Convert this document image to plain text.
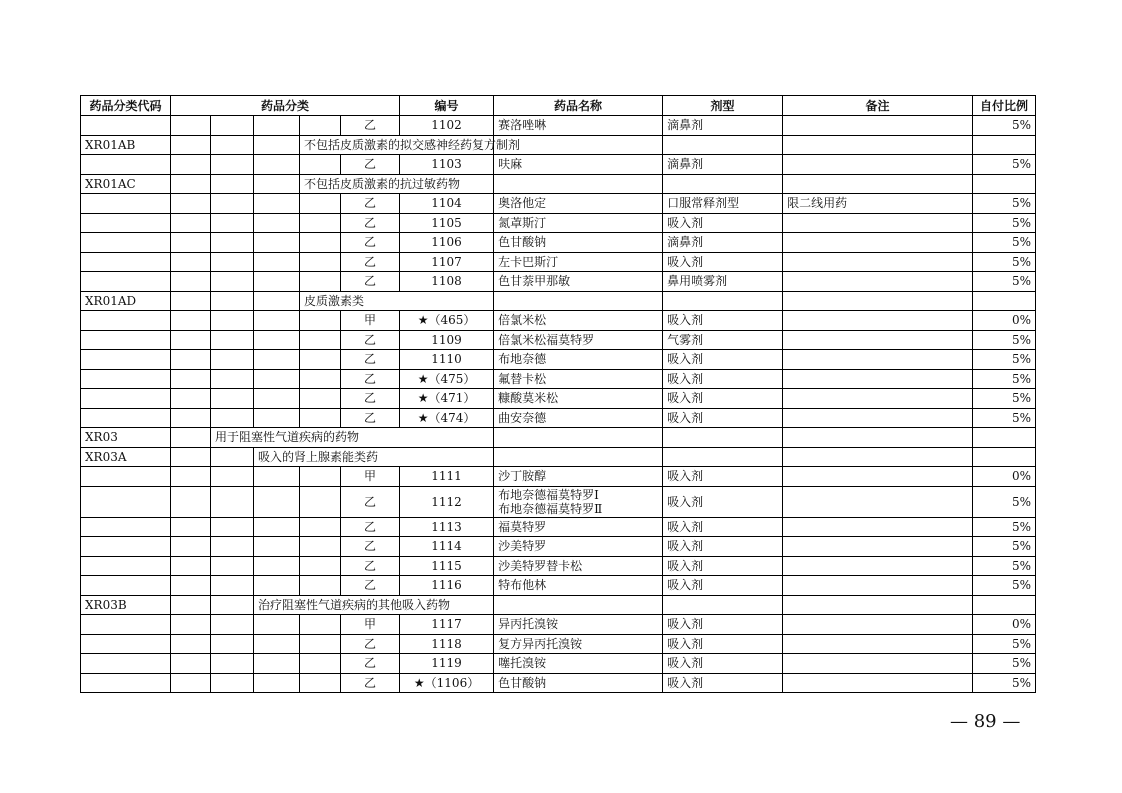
药品分类代码	药品分类					编号	药品名称	剂型	备注	自付比例
					乙	1102	赛洛唑啉	滴鼻剂		5%
XR01AB				不包括皮质激素的拟交感神经药复方制剂						
					乙	1103	呋麻	滴鼻剂		5%
XR01AC				不包括皮质激素的抗过敏药物						
					乙	1104	奥洛他定	口服常释剂型	限二线用药	5%
					乙	1105	氮䓬斯汀	吸入剂		5%
					乙	1106	色甘酸钠	滴鼻剂		5%
					乙	1107	左卡巴斯汀	吸入剂		5%
					乙	1108	色甘萘甲那敏	鼻用喷雾剂		5%
XR01AD				皮质激素类						
					甲	★（465）	倍氯米松	吸入剂		0%
					乙	1109	倍氯米松福莫特罗	气雾剂		5%
					乙	1110	布地奈德	吸入剂		5%
					乙	★（475）	氟替卡松	吸入剂		5%
					乙	★（471）	糠酸莫米松	吸入剂		5%
					乙	★（474）	曲安奈德	吸入剂		5%
XR03		用于阻塞性气道疾病的药物								
XR03A			吸入的肾上腺素能类药							
					甲	1111	沙丁胺醇	吸入剂		0%
					乙	1112	布地奈德福莫特罗Ⅰ
布地奈德福莫特罗Ⅱ	吸入剂		5%
					乙	1113	福莫特罗	吸入剂		5%
					乙	1114	沙美特罗	吸入剂		5%
					乙	1115	沙美特罗替卡松	吸入剂		5%
					乙	1116	特布他林	吸入剂		5%
XR03B			治疗阻塞性气道疾病的其他吸入药物							
					甲	1117	异丙托溴铵	吸入剂		0%
					乙	1118	复方异丙托溴铵	吸入剂		5%
					乙	1119	噻托溴铵	吸入剂		5%
					乙	★（1106）	色甘酸钠	吸入剂		5%
— 89 —
